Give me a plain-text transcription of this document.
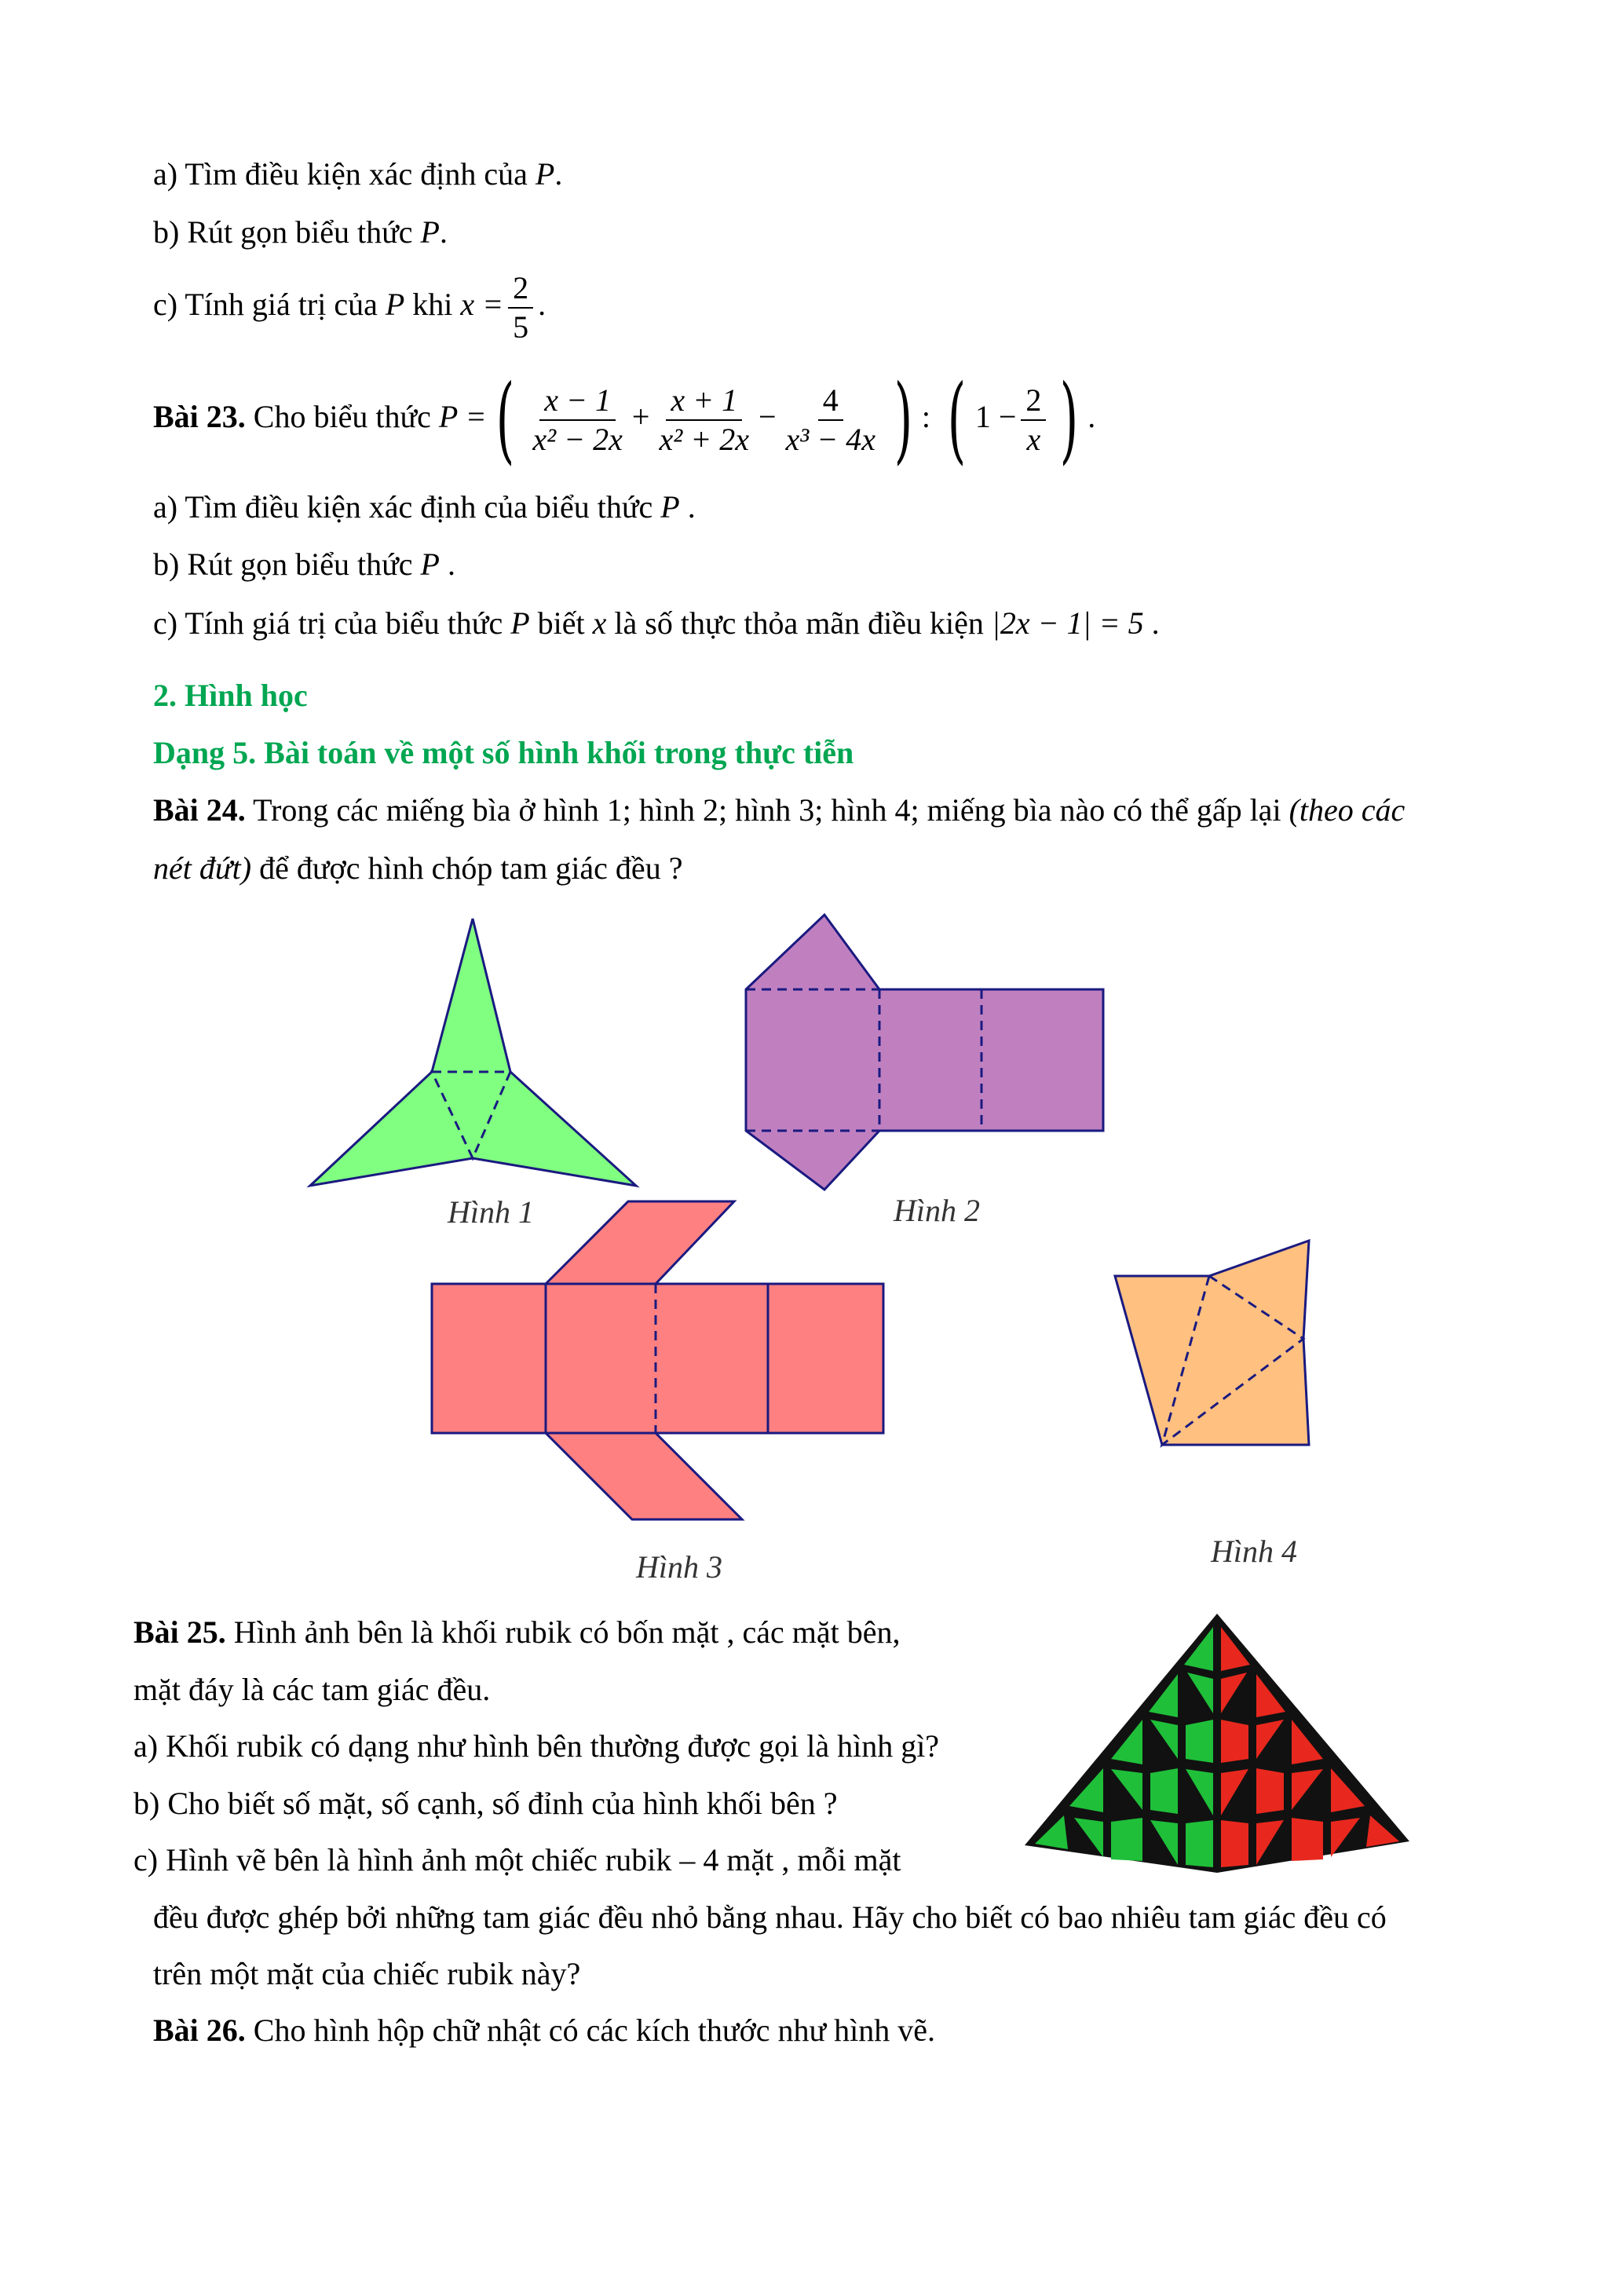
a) Tìm điều kiện xác định của P.
b) Rút gọn biểu thức P.
c) Tính giá trị của P khi $x = \frac{2}{5}$ .
Bài 23. Cho biểu thức P =( $\frac{x - 1}{\text{x² − 2x}} + \frac{x + 1}{\text{x² + 2x}} - \frac{4}{\text{x³ − 4x}}$ ) : ( $1 - \frac{2}{x}$ ) .
a) Tìm điều kiện xác định của biểu thức P .
b) Rút gọn biểu thức P .
c) Tính giá trị của biểu thức P biết x là số thực thỏa mãn điều kiện |2x − 1| = 5 .
2. Hình học
Dạng 5. Bài toán về một số hình khối trong thực tiễn
Bài 24. Trong các miếng bìa ở hình 1; hình 2; hình 3; hình 4; miếng bìa nào có thể gấp lại (theo các
nét đứt) để được hình chóp tam giác đều ?
Hình 1	Hình 2
Hình 3	Hình 4
Bài 25. Hình ảnh bên là khối rubik có bốn mặt , các mặt bên,
mặt đáy là các tam giác đều.
a) Khối rubik có dạng như hình bên thường được gọi là hình gì?
b) Cho biết số mặt, số cạnh, số đỉnh của hình khối bên ?
c) Hình vẽ bên là hình ảnh một chiếc rubik – 4 mặt , mỗi mặt
đều được ghép bởi những tam giác đều nhỏ bằng nhau. Hãy cho biết có bao nhiêu tam giác đều có
trên một mặt của chiếc rubik này?
Bài 26. Cho hình hộp chữ nhật có các kích thước như hình vẽ.
